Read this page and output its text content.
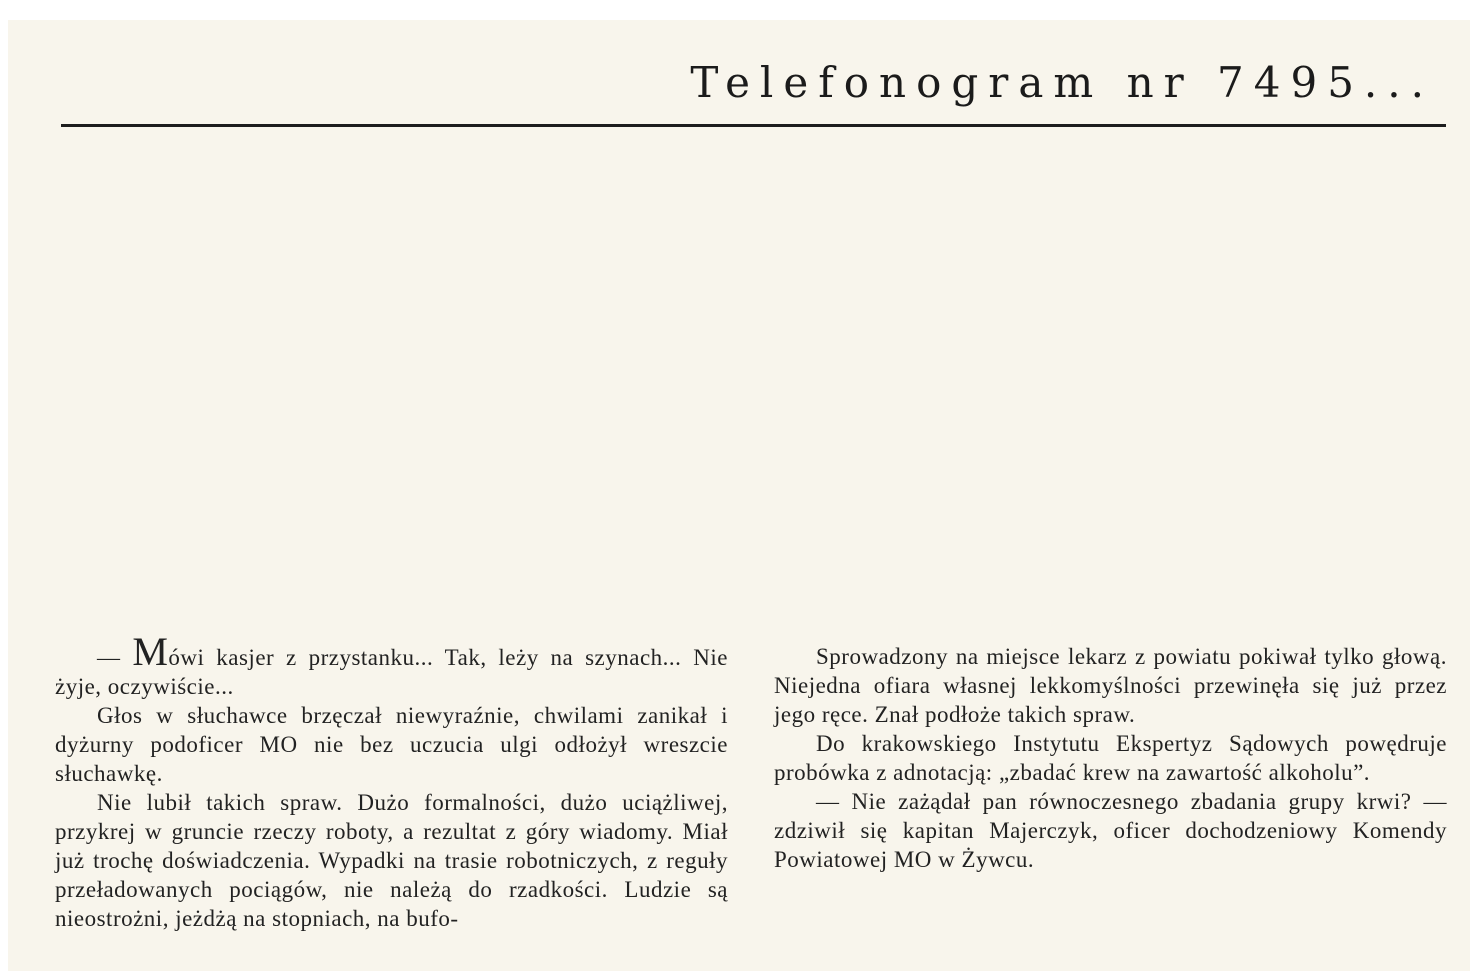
Telefonogram nr 7495...

— Mówi kasjer z przystanku... Tak, leży na szynach... Nie żyje, oczywiście...

Głos w słuchawce brzęczał niewyraźnie, chwilami zanikał i dyżurny podoficer MO nie bez uczucia ulgi odłożył wreszcie słuchawkę.

Nie lubił takich spraw. Dużo formalności, dużo uciążliwej, przykrej w gruncie rzeczy roboty, a rezultat z góry wiadomy. Miał już trochę doświadczenia. Wypadki na trasie robotniczych, z reguły przeładowanych pociągów, nie należą do rzadkości. Ludzie są nieostrożni, jeżdżą na stopniach, na bufo-

Sprowadzony na miejsce lekarz z powiatu pokiwał tylko głową. Niejedna ofiara własnej lekkomyślności przewinęła się już przez jego ręce. Znał podłoże takich spraw.

Do krakowskiego Instytutu Ekspertyz Sądowych powędruje probówka z adnotacją: „zbadać krew na zawartość alkoholu”.

— Nie zażądał pan równoczesnego zbadania grupy krwi? — zdziwił się kapitan Majerczyk, oficer dochodzeniowy Komendy Powiatowej MO w Żywcu.
